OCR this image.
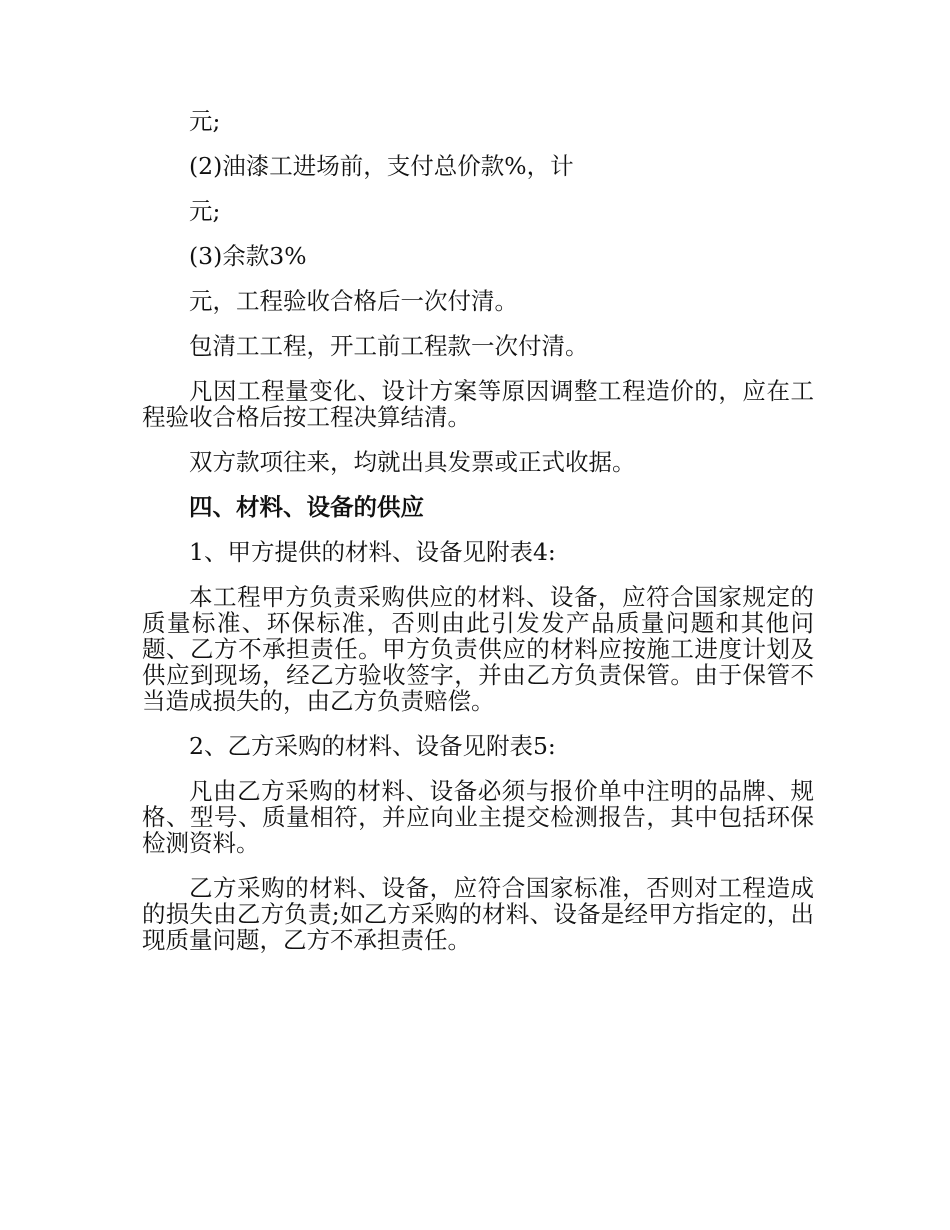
元;

(2)油漆工进场前，支付总价款%，计

元;

(3)余款3%

元，工程验收合格后一次付清。

包清工工程，开工前工程款一次付清。

凡因工程量变化、设计方案等原因调整工程造价的，应在工程验收合格后按工程决算结清。

双方款项往来，均就出具发票或正式收据。

四、材料、设备的供应

1、甲方提供的材料、设备见附表4:

本工程甲方负责采购供应的材料、设备，应符合国家规定的质量标准、环保标准，否则由此引发发产品质量问题和其他问题、乙方不承担责任。甲方负责供应的材料应按施工进度计划及供应到现场，经乙方验收签字，并由乙方负责保管。由于保管不当造成损失的，由乙方负责赔偿。

2、乙方采购的材料、设备见附表5:

凡由乙方采购的材料、设备必须与报价单中注明的品牌、规格、型号、质量相符，并应向业主提交检测报告，其中包括环保检测资料。

乙方采购的材料、设备，应符合国家标准，否则对工程造成的损失由乙方负责;如乙方采购的材料、设备是经甲方指定的，出现质量问题，乙方不承担责任。
